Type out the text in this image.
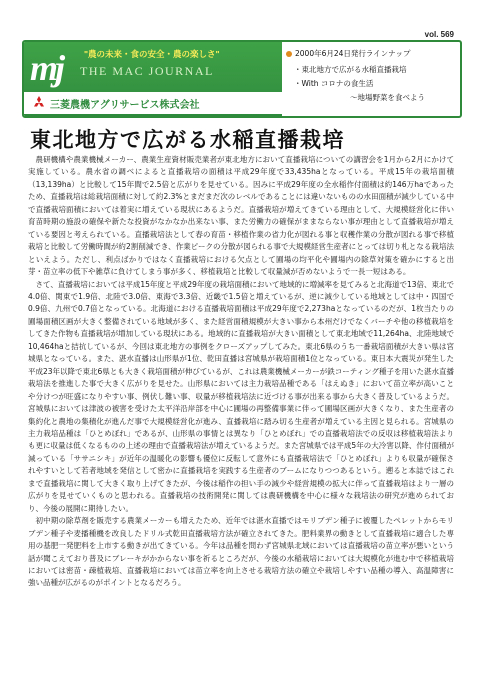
vol. 569
mj	"農の未来・食の安全・農の楽しさ"
THE MAC JOURNAL
三菱農機アグリサービス株式会社
2000年6月24日発行ラインナップ
・東北地方で広がる水稲直播栽培
・With コロナの食生活
〜地場野菜を食べよう
東北地方で広がる水稲直播栽培

農研機構や農業機械メーカー、農業生産資材販売業者が東北地方において直播栽培についての講習会を1月から2月にかけて実施している。農水省の調べによると直播栽培の面積は平成29年度で33,435haとなっている。平成15年の栽培面積（13,139ha）と比較して15年間で2.5倍と広がりを見せている。因みに平成29年度の全水稲作付面積は約146万haであったため、直播栽培は総栽培面積に対して約2.3%とまだまだ次のレベルであることには違いないものの水田面積が減少している中で直播栽培面積においては着実に増えている現状にあるようだ。直播栽培が増えてきている理由として、大規模経営化に伴い育苗時期の施設の確保や新たな投資がなかなか出来ない事、また労働力の確保がままならない事が理由として直播栽培が増えている要因と考えられている。直播栽培法として春の育苗・移植作業の省力化が図れる事と収穫作業の分散が図れる事で移植栽培と比較して労働時間が約2割削減でき、作業ピークの分散が図られる事で大規模経営生産者にとっては切り札となる栽培法といえよう。ただし、利点ばかりではなく直播栽培における欠点として圃場の均平化や圃場内の除草対策を確かにすると出芽・苗立率の低下や雑草に負けてしまう事が多く、移植栽培と比較して収量減が否めないようで一長一短はある。

さて、直播栽培においては平成15年度と平成29年度の栽培面積において地域的に増減率を見てみると北海道で13倍、東北で4.0倍、関東で1.9倍、北陸で3.0倍、東海で3.3倍、近畿で1.5倍と増えているが、逆に減少している地域としては中・四国で0.9倍、九州で0.7倍となっている。北海道における直播栽培面積は平成29年度で2,273haとなっているのだが、1枚当たりの圃場面積区画が大きく整備されている地域が多く、また経営面積規模が大きい事から本州だけでなくバーチや他の移植栽培をしてきた作物も直播栽培が増加している現状にある。地域的に直播栽培が大きい面積として東北地域で11,264ha、北陸地域で10,464haと拮抗しているが、今回は東北地方の事例をクローズアップしてみた。東北6県のうち一番栽培面積が大きい県は宮城県となっている。また、湛水直播は山形県が1位、乾田直播は宮城県が栽培面積1位となっている。東日本大震災が発生した平成23年以降で東北6県とも大きく栽培面積が伸びているが、これは農業機械メーカーが鉄コーティング種子を用いた湛水直播栽培法を推進した事で大きく広がりを見せた。山形県においては主力栽培品種である「はえぬき」において苗立率が高いことや分けつが旺盛になりやすい事、例伏し難い事、収量が移植栽培法に近づける事が出来る事から大きく普及しているようだ。宮城県においては津波の被害を受けた太平洋沿岸部を中心に圃場の再整備事業に伴って圃場区画が大きくなり、また生産者の集約化と農地の集積化が進んだ事で大規模経営化が進み、直播栽培に踏み切る生産者が増えている主因と見られる。宮城県の主力栽培品種は「ひとめぼれ」であるが、山形県の事情とは異なり「ひとめぼれ」での直播栽培法での反収は移植栽培法よりも更に収量は低くなるものの上述の理由で直播栽培法が増えているようだ。また宮城県では平成5年の大冷害以降、作付面積が減っている「ササニシキ」が近年の温暖化の影響も優位に反転して意外にも直播栽培法で「ひとめぼれ」よりも収量が確保されやすいとして若者地域を発信として密かに直播栽培を実践する生産者のブームになりつつあるという。遡ると本誌ではこれまで直播栽培に関して大きく取り上げてきたが、今後は稲作の担い手の減少や経営規模の拡大に伴って直播栽培はより一層の広がりを見せていくものと思われる。直播栽培の技術開発に関しては農研機構を中心に様々な栽培法の研究が進められており、今後の展開に期待したい。

初中期の除草剤を販売する農業メーカーも増えたため、近年では湛水直播ではモリブデン種子に被覆したペレットからモリブデン種子や麦播種機を改良したドリル式乾田直播栽培方法が確立されてきた。肥料業界の動きとして直播栽培に適合した専用の基肥一発肥料を上市する動きが出てきている。今年は品種を問わず宮城県北域においては直播栽培の苗立率が悪いという話が聞こえており普及にブレーキがかからない事を祈るところだが、今後の水稲栽培においては大規模化が進む中で移植栽培においては密苗・疎植栽培、直播栽培においては苗立率を向上させる栽培方法の確立や栽培しやすい品種の導入、高温障害に強い品種が広がるのがポイントとなるだろう。
